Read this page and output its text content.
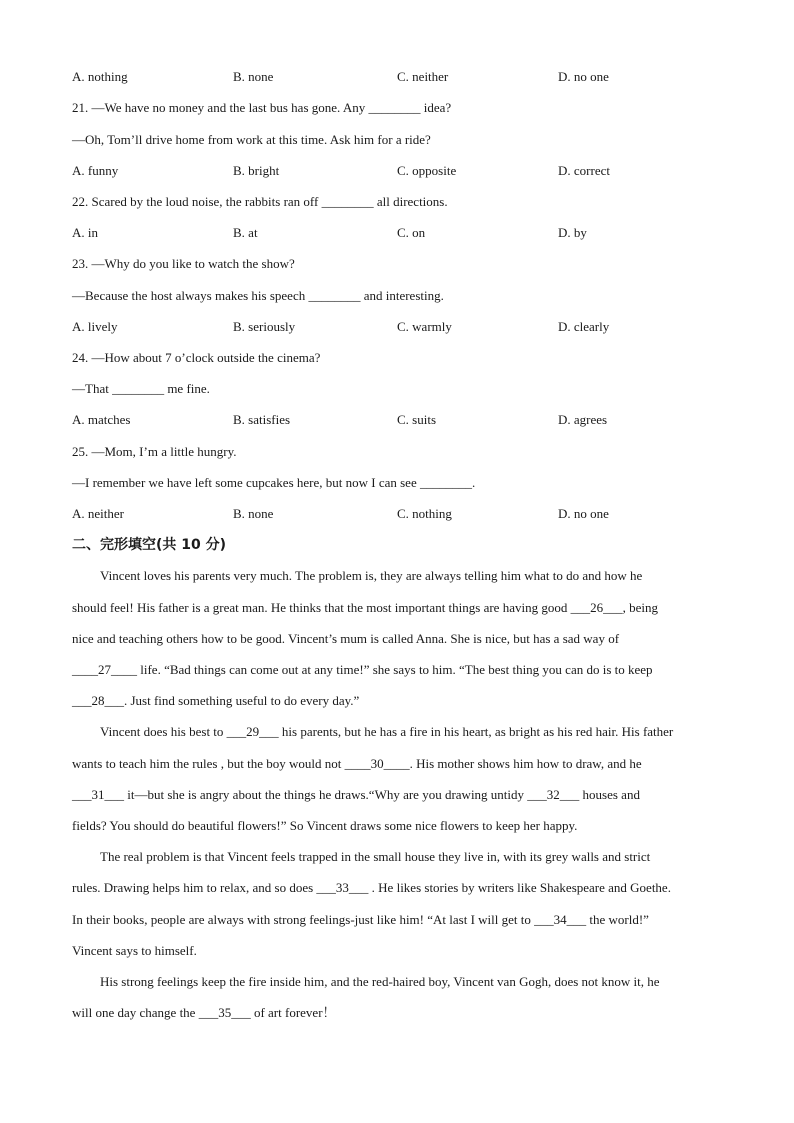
A. nothing	B. none	C. neither	D. no one
21. —We have no money and the last bus has gone. Any ________ idea?
—Oh, Tom’ll drive home from work at this time. Ask him for a ride?
A. funny	B. bright	C. opposite	D. correct
22. Scared by the loud noise, the rabbits ran off ________ all directions.
A. in	B. at	C. on	D. by
23. —Why do you like to watch the show?
—Because the host always makes his speech ________ and interesting.
A. lively	B. seriously	C. warmly	D. clearly
24. —How about 7 o’clock outside the cinema?
—That ________ me fine.
A. matches	B. satisfies	C. suits	D. agrees
25. —Mom, I’m a little hungry.
—I remember we have left some cupcakes here, but now I can see ________.
A. neither	B. none	C. nothing	D. no one
二、完形填空(共 10 分)
Vincent loves his parents very much. The problem is, they are always telling him what to do and how he
should feel! His father is a great man. He thinks that the most important things are having good ___26___, being
nice and teaching others how to be good. Vincent’s mum is called Anna. She is nice, but has a sad way of
____27____ life. “Bad things can come out at any time!” she says to him. “The best thing you can do is to keep
___28___. Just find something useful to do every day.”
Vincent does his best to ___29___ his parents, but he has a fire in his heart, as bright as his red hair. His father
wants to teach him the rules , but the boy would not ____30____. His mother shows him how to draw, and he
___31___ it—but she is angry about the things he draws.“Why are you drawing untidy ___32___ houses and
fields? You should do beautiful flowers!” So Vincent draws some nice flowers to keep her happy.
The real problem is that Vincent feels trapped in the small house they live in, with its grey walls and strict
rules. Drawing helps him to relax, and so does ___33___ . He likes stories by writers like Shakespeare and Goethe.
In their books, people are always with strong feelings-just like him! “At last I will get to ___34___ the world!”
Vincent says to himself.
His strong feelings keep the fire inside him, and the red-haired boy, Vincent van Gogh, does not know it, he
will one day change the ___35___ of art forever！
